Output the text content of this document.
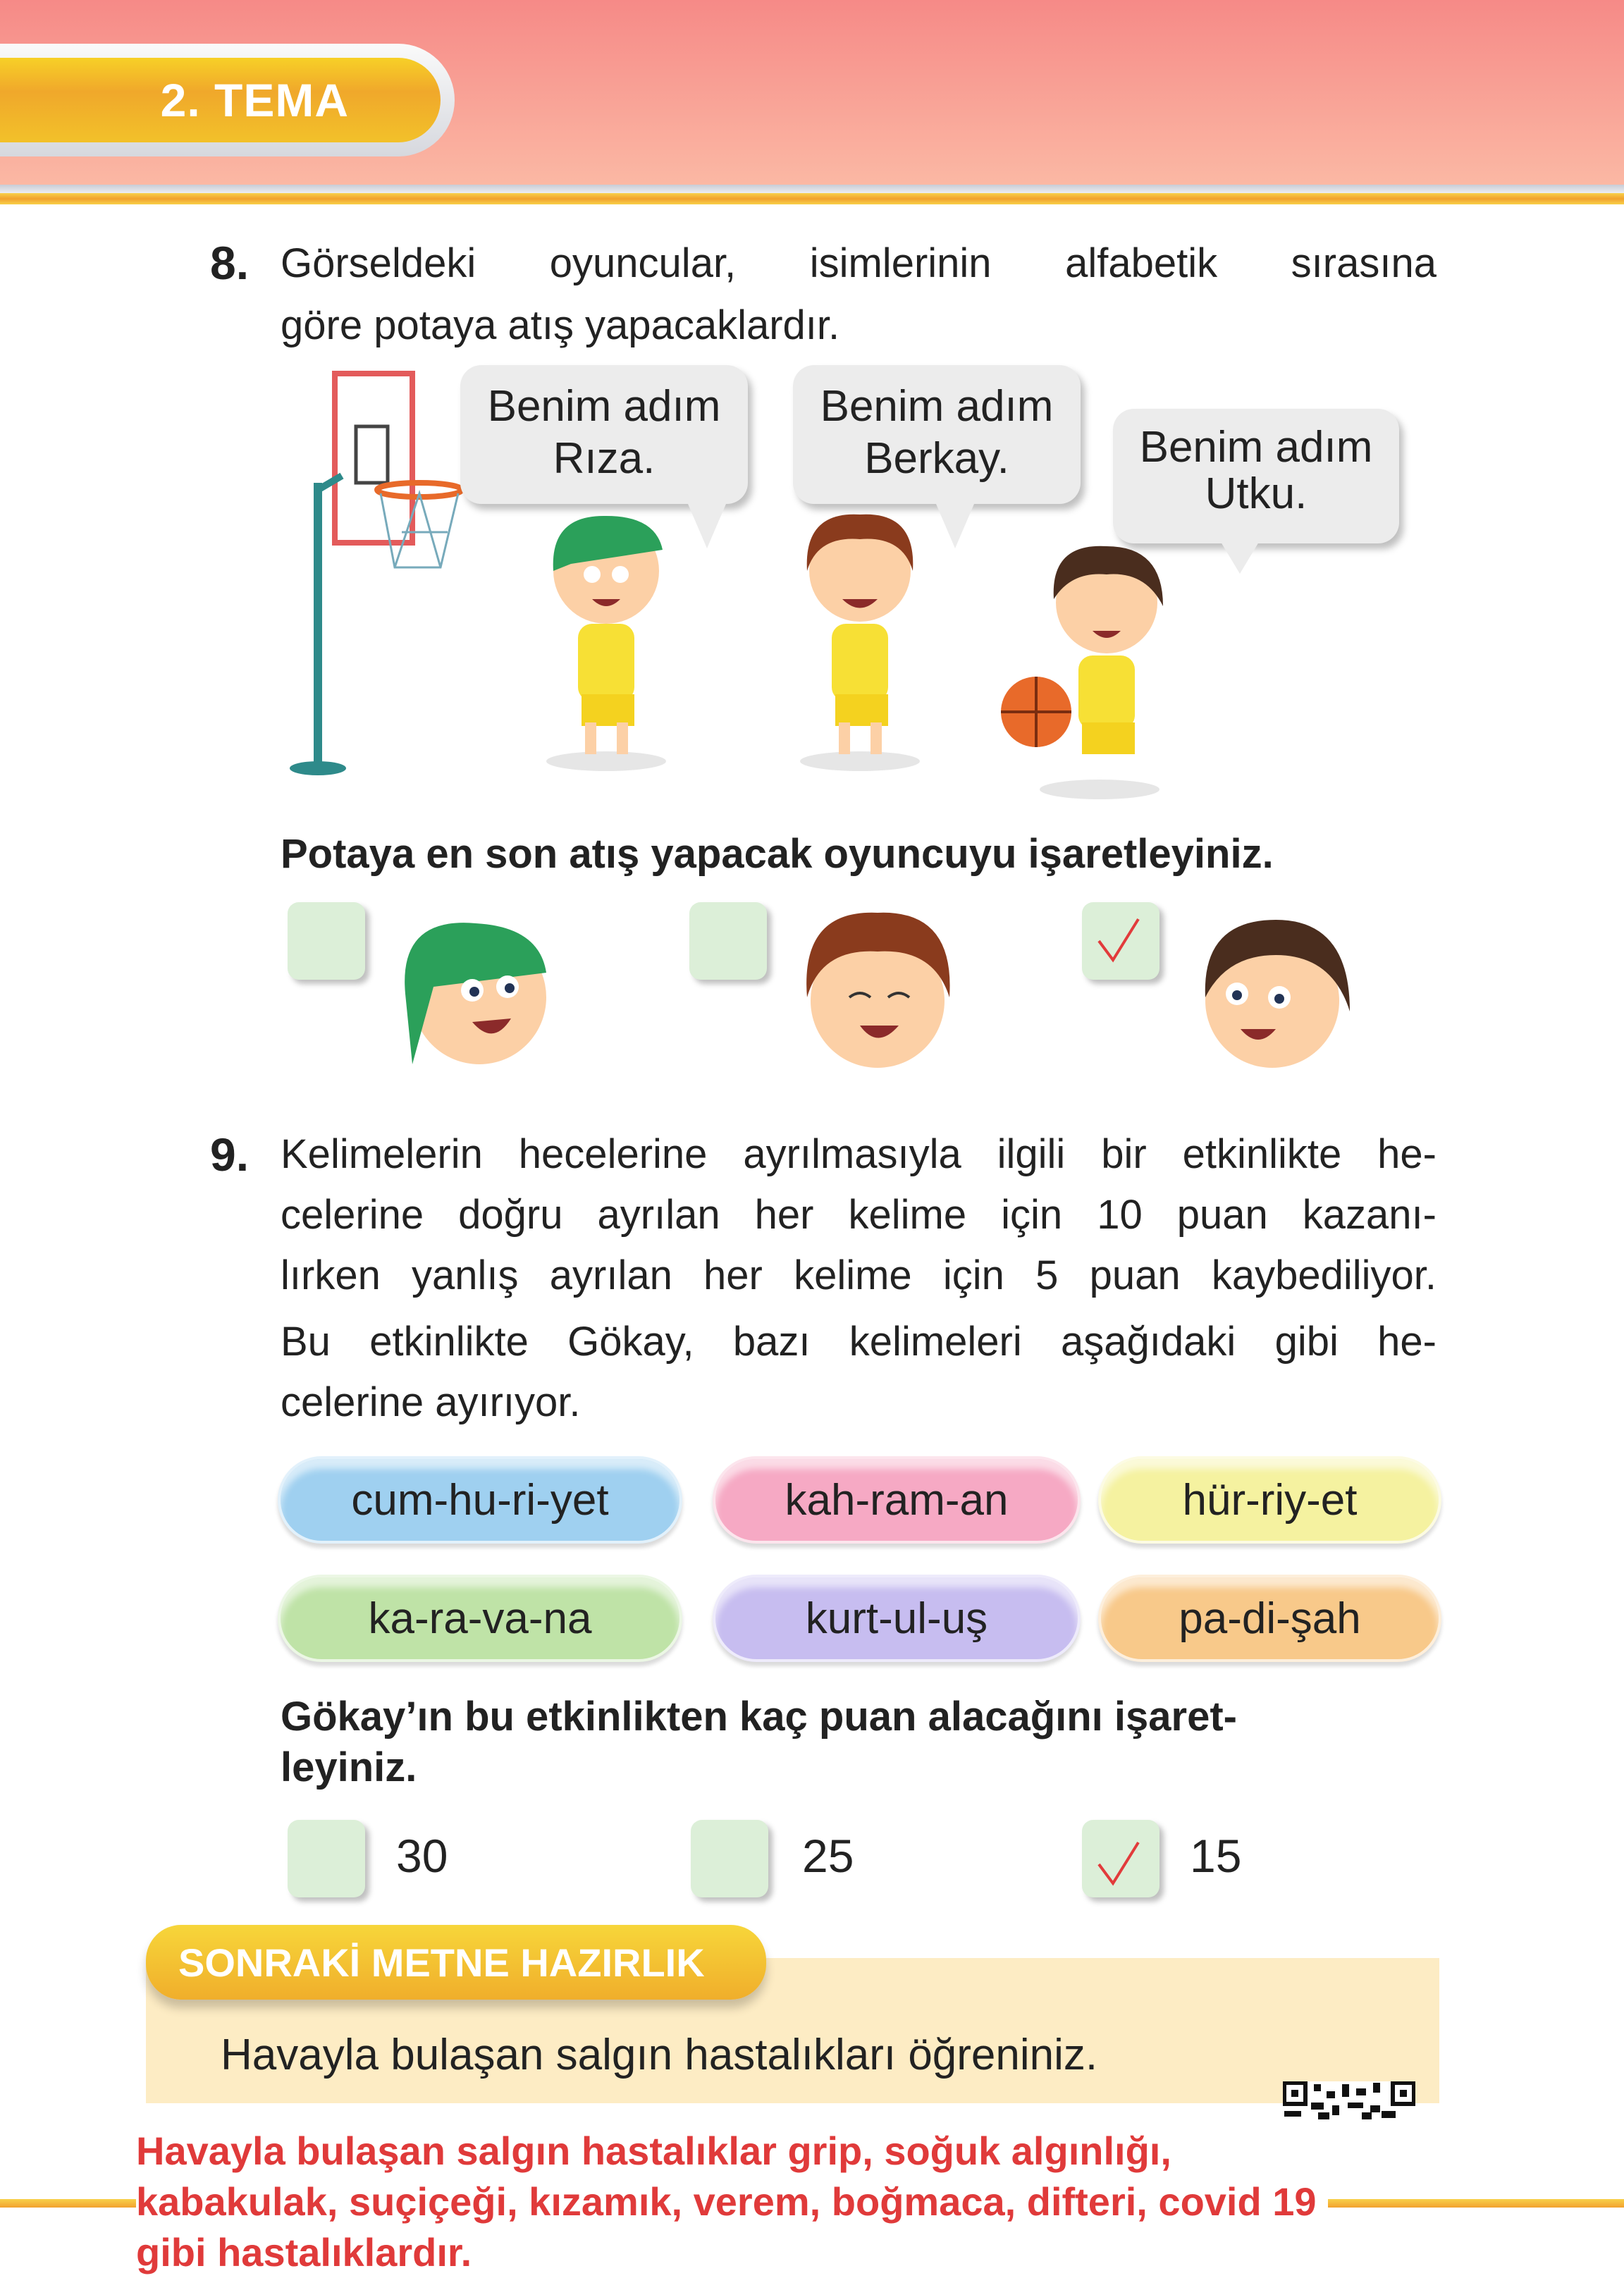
2. TEMA
8. Görseldeki oyuncular, isimlerinin alfabetik sırasına
göre potaya atış yapacaklardır.
Benim adım
Rıza.
Benim adım
Berkay.	Benim adım
Utku.
Potaya en son atış yapacak oyuncuyu işaretleyiniz.
9. Kelimelerin hecelerine ayrılmasıyla ilgili bir etkinlikte he-
celerine doğru ayrılan her kelime için 10 puan kazanı-
lırken yanlış ayrılan her kelime için 5 puan kaybediliyor.
Bu etkinlikte Gökay, bazı kelimeleri aşağıdaki gibi he-
celerine ayırıyor.
cum-hu-ri-yet	kah-ram-an	hür-riy-et
ka-ra-va-na	kurt-ul-uş	pa-di-şah
Gökay’ın bu etkinlikten kaç puan alacağını işaret-
leyiniz.
30	25	15
SONRAKİ METNE HAZIRLIK
Havayla bulaşan salgın hastalıkları öğreniniz.
Havayla bulaşan salgın hastalıklar grip, soğuk algınlığı,
kabakulak, suçiçeği, kızamık, verem, boğmaca, difteri, covid 19
gibi hastalıklardır.
